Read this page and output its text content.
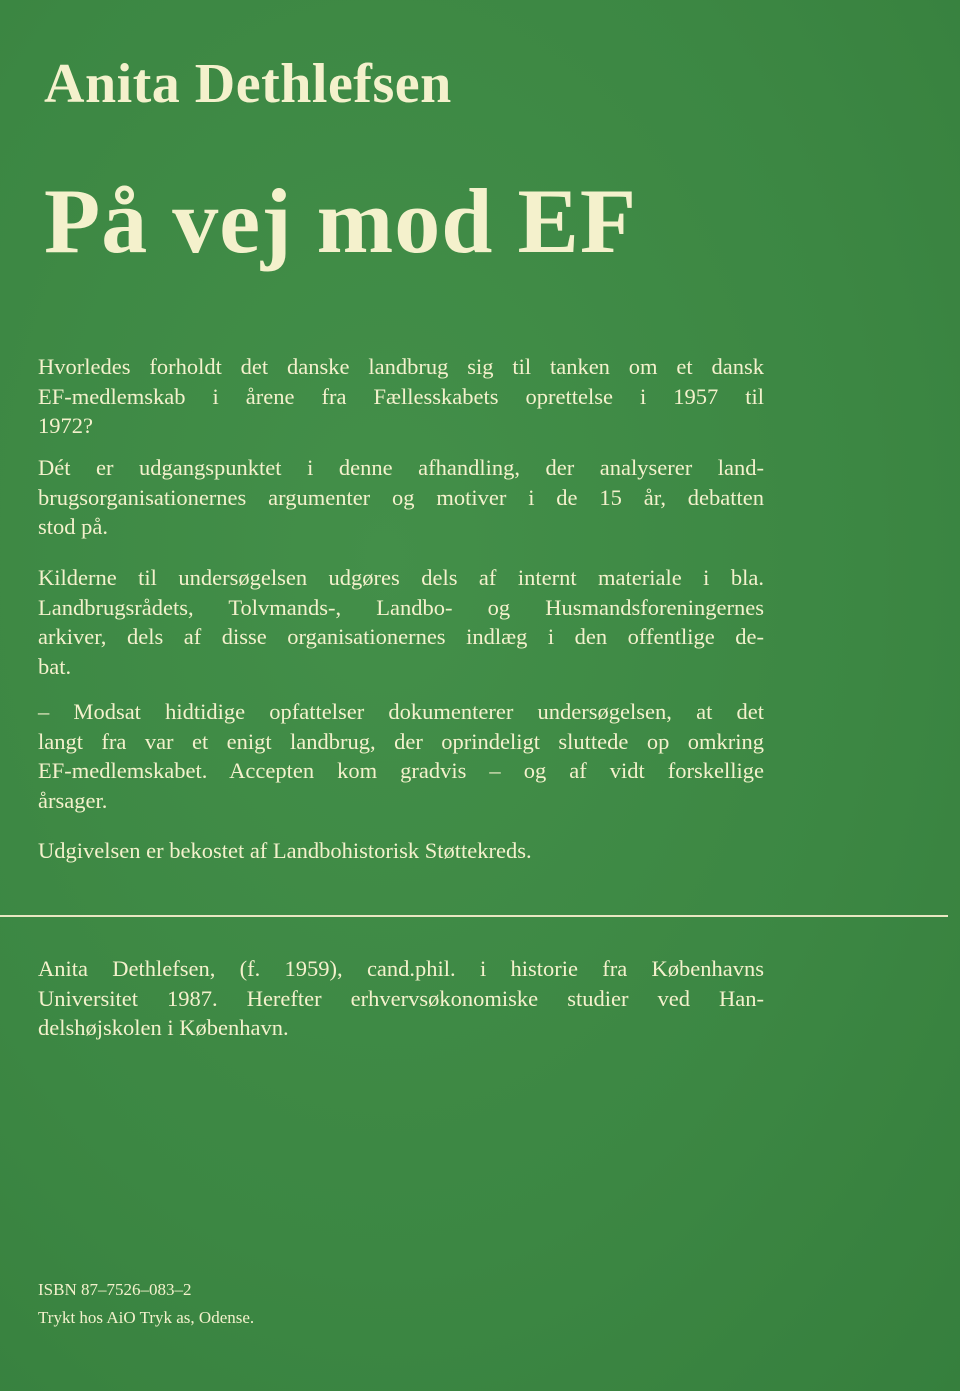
Anita Dethlefsen
På vej mod EF
Hvorledes forholdt det danske landbrug sig til tanken om et dansk
EF-medlemskab i årene fra Fællesskabets oprettelse i 1957 til
1972?
Dét er udgangspunktet i denne afhandling, der analyserer land-
brugsorganisationernes argumenter og motiver i de 15 år, debatten
stod på.
Kilderne til undersøgelsen udgøres dels af internt materiale i bla.
Landbrugsrådets, Tolvmands-, Landbo- og Husmandsforeningernes
arkiver, dels af disse organisationernes indlæg i den offentlige de-
bat.
– Modsat hidtidige opfattelser dokumenterer undersøgelsen, at det
langt fra var et enigt landbrug, der oprindeligt sluttede op omkring
EF-medlemskabet. Accepten kom gradvis – og af vidt forskellige
årsager.
Udgivelsen er bekostet af Landbohistorisk Støttekreds.
Anita Dethlefsen, (f. 1959), cand.phil. i historie fra Københavns
Universitet 1987. Herefter erhvervsøkonomiske studier ved Han-
delshøjskolen i København.
ISBN 87–7526–083–2
Trykt hos AiO Tryk as, Odense.
